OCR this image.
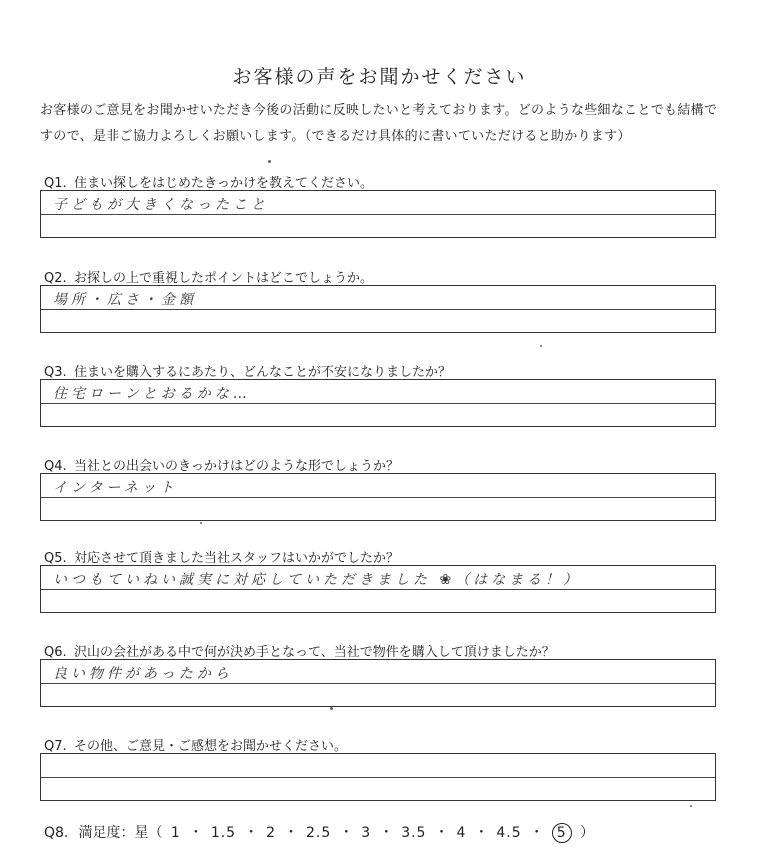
お客様の声をお聞かせください
お客様のご意見をお聞かせいただき今後の活動に反映したいと考えております。どのような些細なことでも結構ですので、是非ご協力よろしくお願いします。（できるだけ具体的に書いていただけると助かります）
Q1. 住まい探しをはじめたきっかけを教えてください。
子どもが大きくなったこと
Q2. お探しの上で重視したポイントはどこでしょうか。
場所・広さ・金額
Q3. 住まいを購入するにあたり、どんなことが不安になりましたか？
住宅ローンとおるかな…
Q4. 当社との出会いのきっかけはどのような形でしょうか？
インターネット
Q5. 対応させて頂きました当社スタッフはいかがでしたか？
いつもていねい誠実に対応していただきました ❀（はなまる！）
Q6. 沢山の会社がある中で何が決め手となって、当社で物件を購入して頂けましたか？
良い物件があったから
Q7. その他、ご意見・ご感想をお聞かせください。
Q8. 満足度：星（ 1 ・ 1.5 ・ 2 ・ 2.5 ・ 3 ・ 3.5 ・ 4 ・ 4.5 ・ 5 ）
